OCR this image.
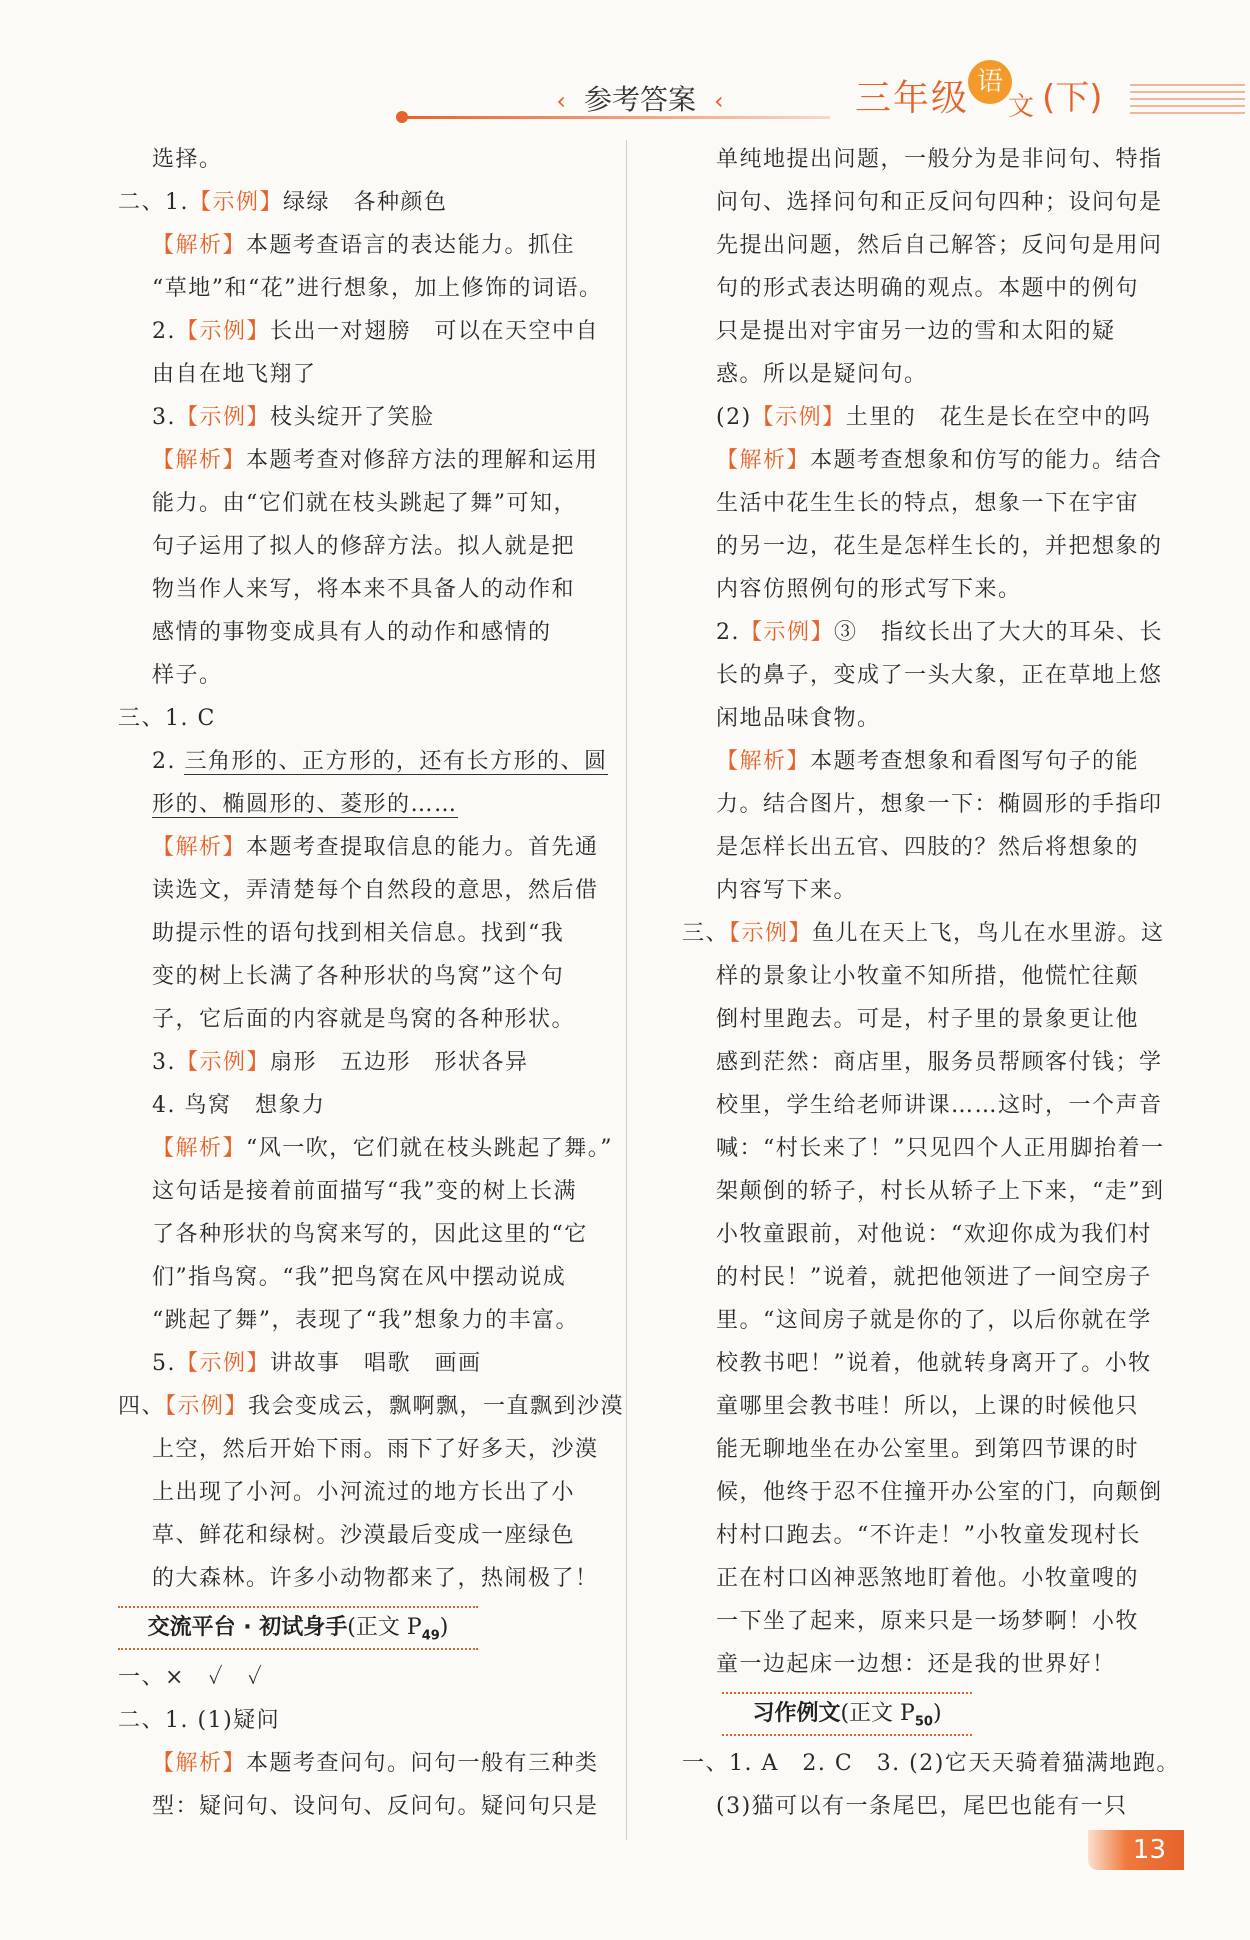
‹ 参考答案 ‹	三年级 语
文 (下)
选择。
二、1.【示例】绿绿　各种颜色
【解析】本题考查语言的表达能力。抓住
“草地”和“花”进行想象，加上修饰的词语。
2.【示例】长出一对翅膀　可以在天空中自
由自在地飞翔了
3.【示例】枝头绽开了笑脸
【解析】本题考查对修辞方法的理解和运用
能力。由“它们就在枝头跳起了舞”可知，
句子运用了拟人的修辞方法。拟人就是把
物当作人来写，将本来不具备人的动作和
感情的事物变成具有人的动作和感情的
样子。
三、1. C
2. 三角形的、正方形的，还有长方形的、圆
形的、椭圆形的、菱形的……
【解析】本题考查提取信息的能力。首先通
读选文，弄清楚每个自然段的意思，然后借
助提示性的语句找到相关信息。找到“我
变的树上长满了各种形状的鸟窝”这个句
子，它后面的内容就是鸟窝的各种形状。
3.【示例】扇形　五边形　形状各异
4. 鸟窝　想象力
【解析】“风一吹，它们就在枝头跳起了舞。”
这句话是接着前面描写“我”变的树上长满
了各种形状的鸟窝来写的，因此这里的“它
们”指鸟窝。“我”把鸟窝在风中摆动说成
“跳起了舞”，表现了“我”想象力的丰富。
5.【示例】讲故事　唱歌　画画
四、【示例】我会变成云，飘啊飘，一直飘到沙漠
上空，然后开始下雨。雨下了好多天，沙漠
上出现了小河。小河流过的地方长出了小
草、鲜花和绿树。沙漠最后变成一座绿色
的大森林。许多小动物都来了，热闹极了！
交流平台 · 初试身手(正文 $P_{49}$)
一、×　✓　✓
二、1. (1)疑问
【解析】本题考查问句。问句一般有三种类
型：疑问句、设问句、反问句。疑问句只是
单纯地提出问题，一般分为是非问句、特指
问句、选择问句和正反问句四种；设问句是
先提出问题，然后自己解答；反问句是用问
句的形式表达明确的观点。本题中的例句
只是提出对宇宙另一边的雪和太阳的疑
惑。所以是疑问句。
(2)【示例】土里的　花生是长在空中的吗
【解析】本题考查想象和仿写的能力。结合
生活中花生生长的特点，想象一下在宇宙
的另一边，花生是怎样生长的，并把想象的
内容仿照例句的形式写下来。
2.【示例】③　指纹长出了大大的耳朵、长
长的鼻子，变成了一头大象，正在草地上悠
闲地品味食物。
【解析】本题考查想象和看图写句子的能
力。结合图片，想象一下：椭圆形的手指印
是怎样长出五官、四肢的？然后将想象的
内容写下来。
三、【示例】鱼儿在天上飞，鸟儿在水里游。这
样的景象让小牧童不知所措，他慌忙往颠
倒村里跑去。可是，村子里的景象更让他
感到茫然：商店里，服务员帮顾客付钱；学
校里，学生给老师讲课……这时，一个声音
喊：“村长来了！”只见四个人正用脚抬着一
架颠倒的轿子，村长从轿子上下来，“走”到
小牧童跟前，对他说：“欢迎你成为我们村
的村民！”说着，就把他领进了一间空房子
里。“这间房子就是你的了，以后你就在学
校教书吧！”说着，他就转身离开了。小牧
童哪里会教书哇！所以，上课的时候他只
能无聊地坐在办公室里。到第四节课的时
候，他终于忍不住撞开办公室的门，向颠倒
村村口跑去。“不许走！”小牧童发现村长
正在村口凶神恶煞地盯着他。小牧童嗖的
一下坐了起来，原来只是一场梦啊！小牧
童一边起床一边想：还是我的世界好！
习作例文(正文 $P_{50}$)
一、1. A　2. C　3. (2)它天天骑着猫满地跑。
(3)猫可以有一条尾巴，尾巴也能有一只
13
